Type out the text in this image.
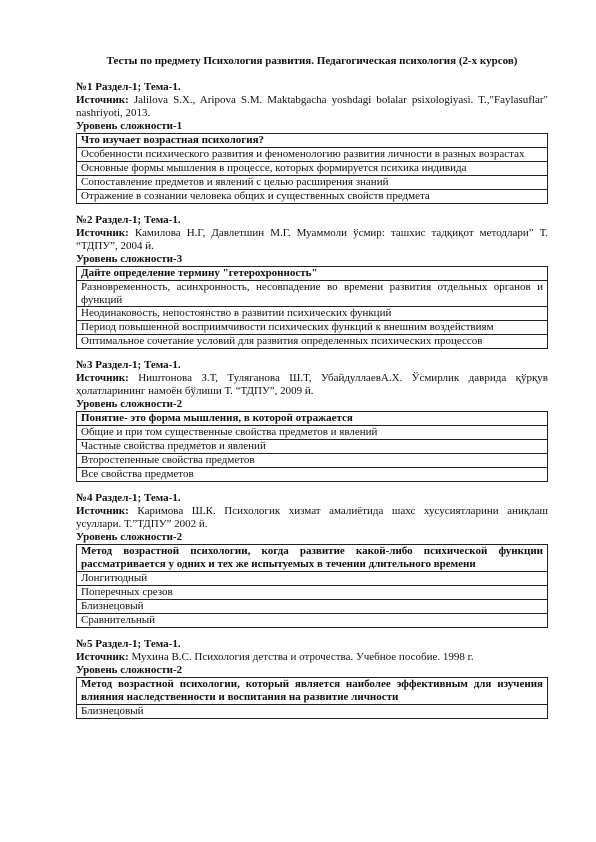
Тесты по предмету Психология развития. Педагогическая психология (2-х курсов)
№1 Раздел-1; Тема-1.
Источник: Jalilova S.X., Aripova S.M. Maktabgacha yoshdagi bolalar psixologiyasi. T.,"Faylasuflar" nashriyoti, 2013.
Уровень сложности-1
Что изучает возрастная психология?
Особенности психического развития и феноменологию развития личности в разных возрастах
Основные формы мышления в процессе, которых формируется психика индивида
Сопоставление предметов и явлений с целью расширения знаний
Отражение в сознании человека общих и существенных свойств предмета
№2 Раздел-1; Тема-1.
Источник: Камилова Н.Г, Давлетшин М.Г. Муаммоли ўсмир: ташхис тадқиқот методлари” Т. “ТДПУ”, 2004 й.
Уровень сложности-3
Дайте определение термину "гетерохронность"
Разновременность, асинхронность, несовпадение во времени развития отдельных органов и функций
Неодинаковость, непостоянство в развитии психических функций
Период повышенной восприимчивости психических функций к внешним воздействиям
Оптимальное сочетание условий для развития определенных психических процессов
№3 Раздел-1; Тема-1.
Источник: Ништонова З.Т, Туляганова Ш.Т, УбайдуллаевА.Х. Ўсмирлик даврида қўрқув ҳолатларининг намоён бўлиши Т. “ТДПУ”, 2009 й.
Уровень сложности-2
Понятие- это форма мышления, в которой отражается
Общие и при том существенные свойства предметов и явлений
Частные свойства предметов и явлений
Второстепенные свойства предметов
Все свойства предметов
№4 Раздел-1; Тема-1.
Источник: Каримова Ш.К. Психологик хизмат амалиётида шахс хусусиятларини аниқлаш усуллари. Т.”ТДПУ” 2002 й.
Уровень сложности-2
Метод возрастной психологии, когда развитие какой-либо психической функции рассматривается у одних и тех же испытуемых в течении длительного времени
Лонгитюдный
Поперечных срезов
Близнецовый
Сравнительный
№5 Раздел-1; Тема-1.
Источник: Мухина В.С. Психология детства и отрочества. Учебное пособие. 1998 г.
Уровень сложности-2
Метод возрастной психологии, который является наиболее эффективным для изучения влияния наследственности и воспитания на развитие личности
Близнецовый
